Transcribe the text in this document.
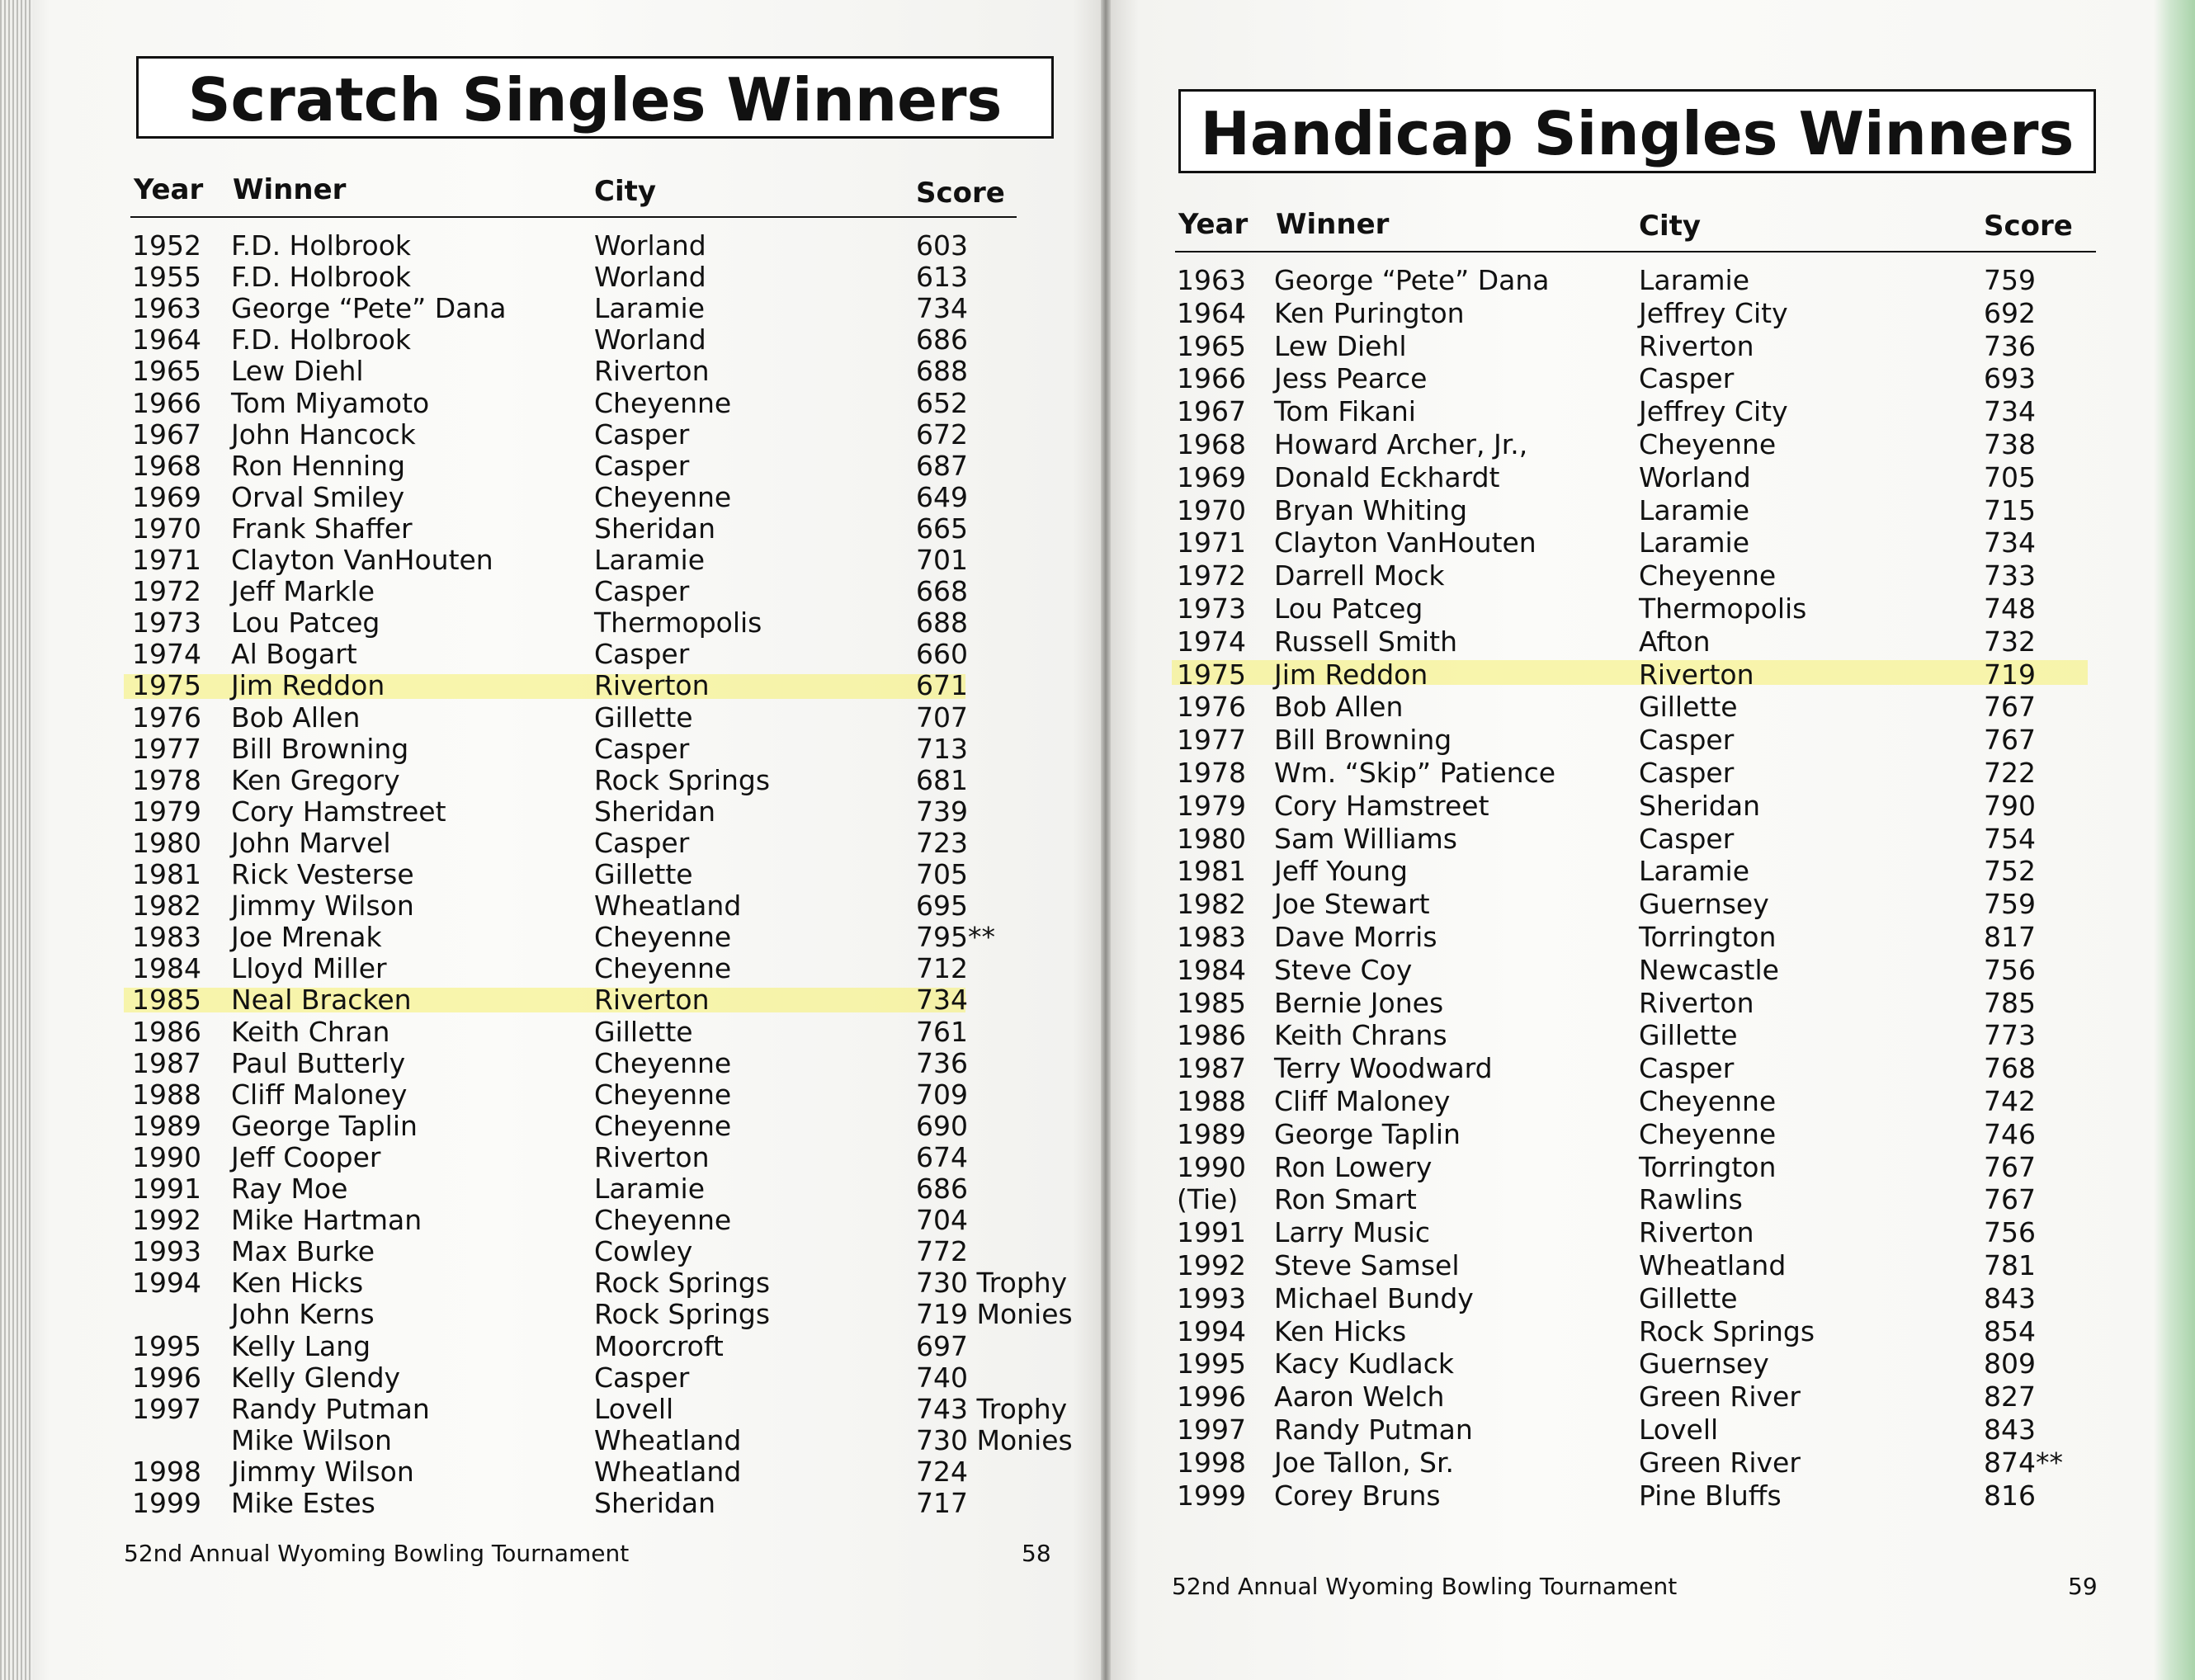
Scratch Singles Winners
Year Winner	City	Score
1952 F.D. Holbrook	Worland	603
1955 F.D. Holbrook	Worland	613
1963 George “Pete” Dana	Laramie	734
1964 F.D. Holbrook	Worland	686
1965 Lew Diehl	Riverton	688
1966 Tom Miyamoto	Cheyenne	652
1967 John Hancock	Casper	672
1968 Ron Henning	Casper	687
1969 Orval Smiley	Cheyenne	649
1970 Frank Shaffer	Sheridan	665
1971 Clayton VanHouten	Laramie	701
1972 Jeff Markle	Casper	668
1973 Lou Patceg	Thermopolis	688
1974 Al Bogart	Casper	660
1975 Jim Reddon	Riverton	671
1976 Bob Allen	Gillette	707
1977 Bill Browning	Casper	713
1978 Ken Gregory	Rock Springs	681
1979 Cory Hamstreet	Sheridan	739
1980 John Marvel	Casper	723
1981 Rick Vesterse	Gillette	705
1982 Jimmy Wilson	Wheatland	695
1983 Joe Mrenak	Cheyenne	795**
1984 Lloyd Miller	Cheyenne	712
1985 Neal Bracken	Riverton	734
1986 Keith Chran	Gillette	761
1987 Paul Butterly	Cheyenne	736
1988 Cliff Maloney	Cheyenne	709
1989 George Taplin	Cheyenne	690
1990 Jeff Cooper	Riverton	674
1991 Ray Moe	Laramie	686
1992 Mike Hartman	Cheyenne	704
1993 Max Burke	Cowley	772
1994 Ken Hicks	Rock Springs	730 Trophy
John Kerns	Rock Springs	719 Monies
1995 Kelly Lang	Moorcroft	697
1996 Kelly Glendy	Casper	740
1997 Randy Putman	Lovell	743 Trophy
Mike Wilson	Wheatland	730 Monies
1998 Jimmy Wilson	Wheatland	724
1999 Mike Estes	Sheridan	717
52nd Annual Wyoming Bowling Tournament	58
Handicap Singles Winners
Year Winner	City	Score
1963 George “Pete” Dana	Laramie	759
1964 Ken Purington	Jeffrey City	692
1965 Lew Diehl	Riverton	736
1966 Jess Pearce	Casper	693
1967 Tom Fikani	Jeffrey City	734
1968 Howard Archer, Jr.,	Cheyenne	738
1969 Donald Eckhardt	Worland	705
1970 Bryan Whiting	Laramie	715
1971 Clayton VanHouten	Laramie	734
1972 Darrell Mock	Cheyenne	733
1973 Lou Patceg	Thermopolis	748
1974 Russell Smith	Afton	732
1975 Jim Reddon	Riverton	719
1976 Bob Allen	Gillette	767
1977 Bill Browning	Casper	767
1978 Wm. “Skip” Patience	Casper	722
1979 Cory Hamstreet	Sheridan	790
1980 Sam Williams	Casper	754
1981 Jeff Young	Laramie	752
1982 Joe Stewart	Guernsey	759
1983 Dave Morris	Torrington	817
1984 Steve Coy	Newcastle	756
1985 Bernie Jones	Riverton	785
1986 Keith Chrans	Gillette	773
1987 Terry Woodward	Casper	768
1988 Cliff Maloney	Cheyenne	742
1989 George Taplin	Cheyenne	746
1990 Ron Lowery	Torrington	767
(Tie) Ron Smart	Rawlins	767
1991 Larry Music	Riverton	756
1992 Steve Samsel	Wheatland	781
1993 Michael Bundy	Gillette	843
1994 Ken Hicks	Rock Springs	854
1995 Kacy Kudlack	Guernsey	809
1996 Aaron Welch	Green River	827
1997 Randy Putman	Lovell	843
1998 Joe Tallon, Sr.	Green River	874**
1999 Corey Bruns	Pine Bluffs	816
52nd Annual Wyoming Bowling Tournament	59
